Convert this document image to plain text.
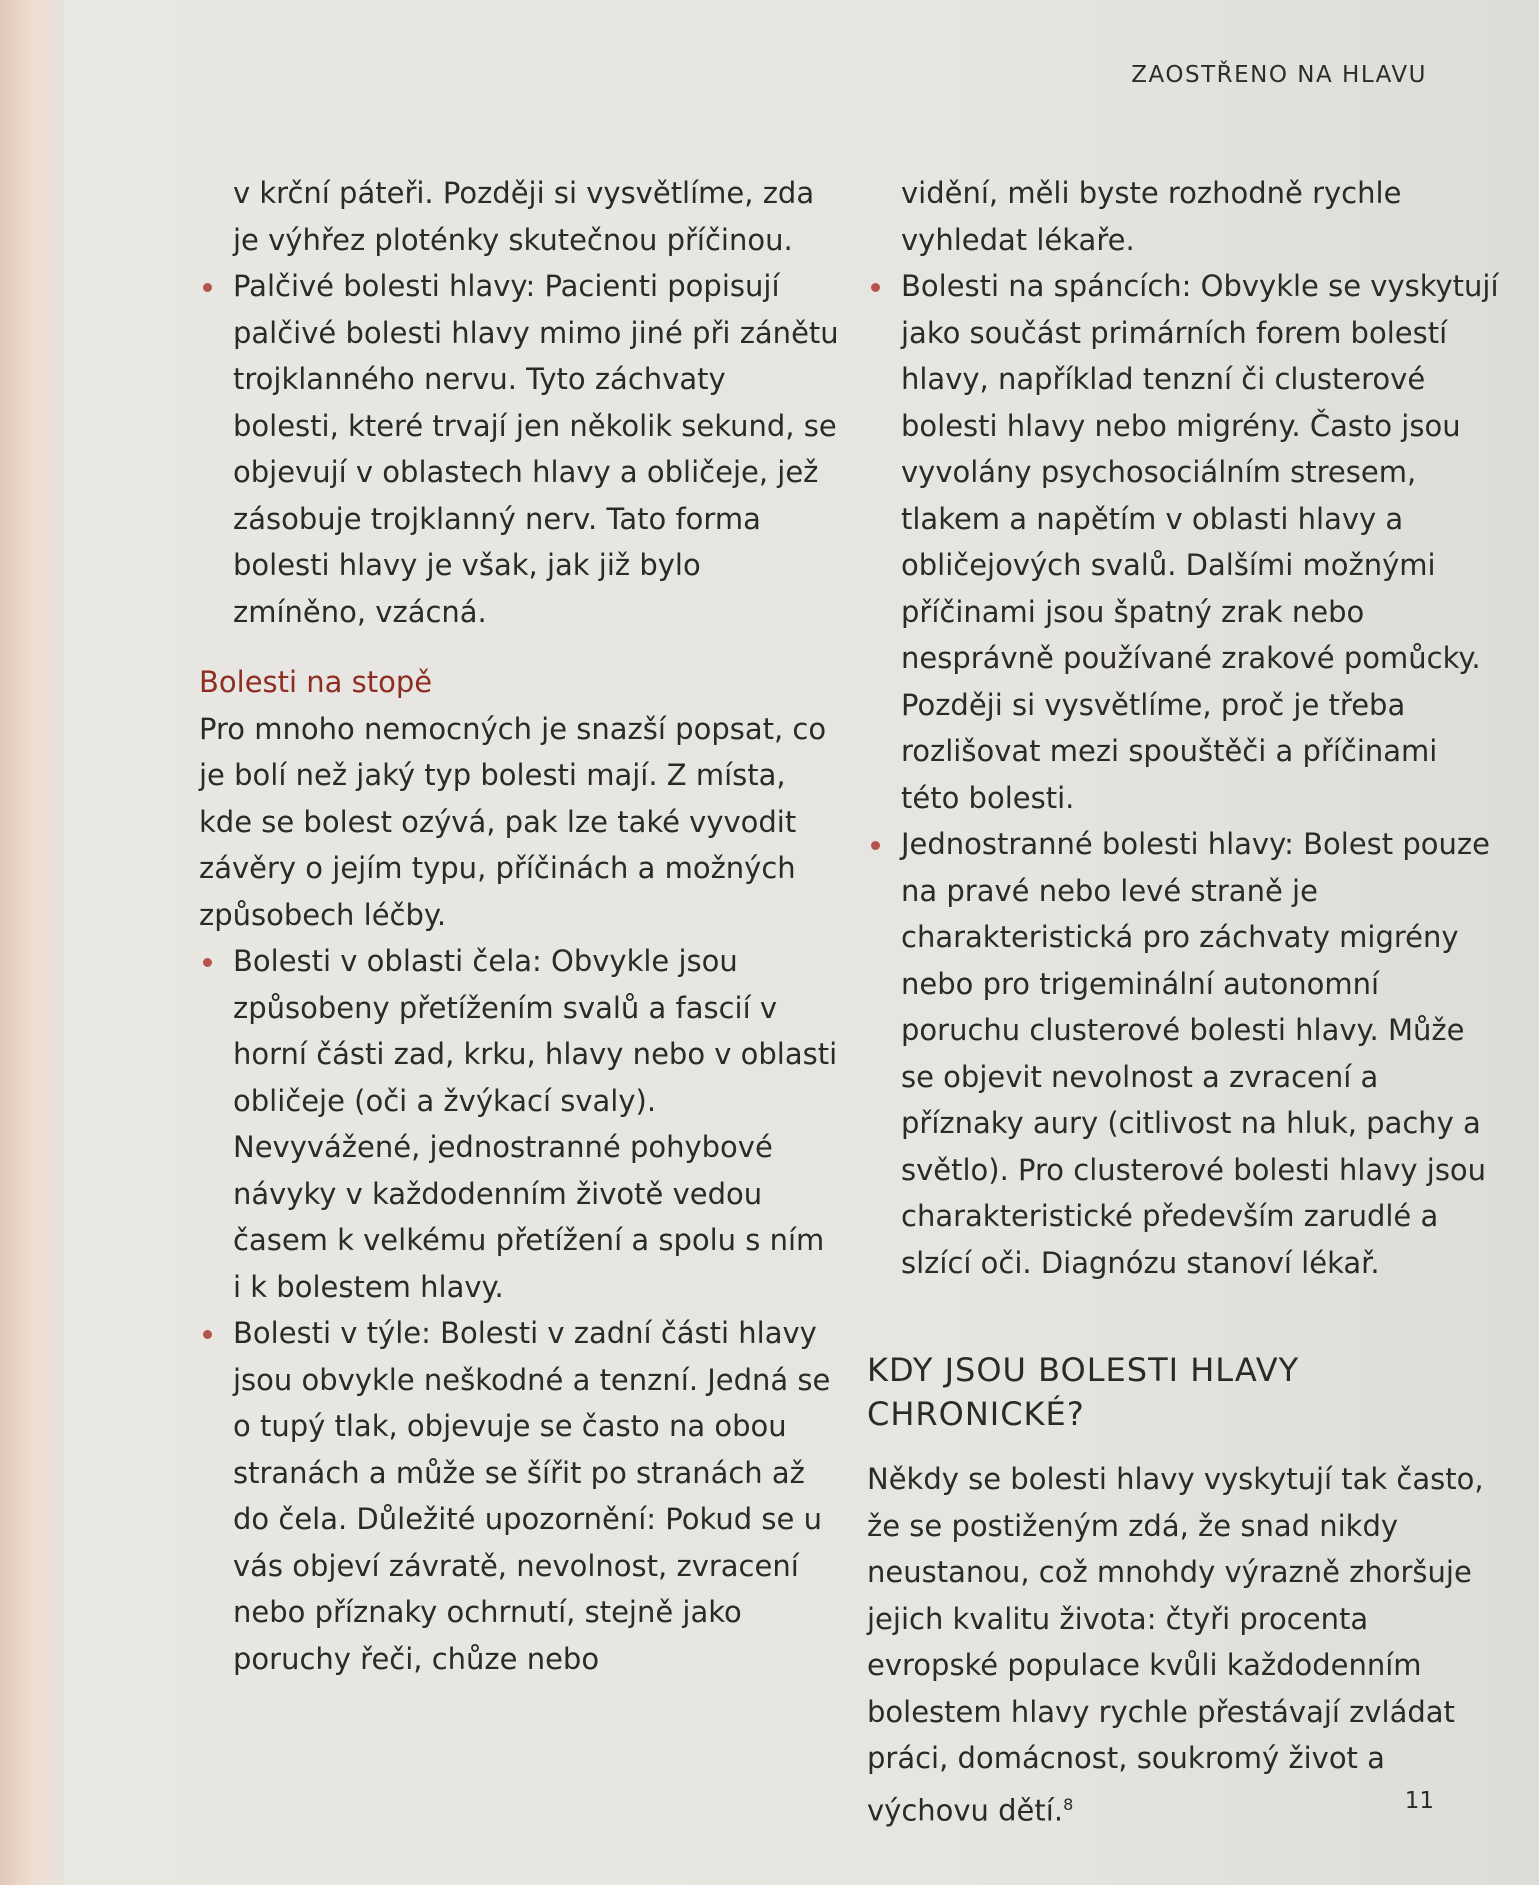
ZAOSTŘENO NA HLAVU

v krční páteři. Později si vysvětlíme, zda je výhřez ploténky skutečnou příčinou.

Palčivé bolesti hlavy: Pacienti popisují palčivé bolesti hlavy mimo jiné při zánětu trojklanného nervu. Tyto záchvaty bolesti, které trvají jen několik sekund, se objevují v oblastech hlavy a obličeje, jež zásobuje trojklanný nerv. Tato forma bolesti hlavy je však, jak již bylo zmíněno, vzácná.

Bolesti na stopě

Pro mnoho nemocných je snazší popsat, co je bolí než jaký typ bolesti mají. Z místa, kde se bolest ozývá, pak lze také vyvodit závěry o jejím typu, příčinách a možných způsobech léčby.

Bolesti v oblasti čela: Obvykle jsou způsobeny přetížením svalů a fascií v horní části zad, krku, hlavy nebo v oblasti obličeje (oči a žvýkací svaly). Nevyvážené, jednostranné pohybové návyky v každodenním životě vedou časem k velkému přetížení a spolu s ním i k bolestem hlavy.

Bolesti v týle: Bolesti v zadní části hlavy jsou obvykle neškodné a tenzní. Jedná se o tupý tlak, objevuje se často na obou stranách a může se šířit po stranách až do čela. Důležité upozornění: Pokud se u vás objeví závratě, nevolnost, zvracení nebo příznaky ochrnutí, stejně jako poruchy řeči, chůze nebo

vidění, měli byste rozhodně rychle vyhledat lékaře.

Bolesti na spáncích: Obvykle se vyskytují jako součást primárních forem bolestí hlavy, například tenzní či clusterové bolesti hlavy nebo migrény. Často jsou vyvolány psychosociálním stresem, tlakem a napětím v oblasti hlavy a obličejových svalů. Dalšími možnými příčinami jsou špatný zrak nebo nesprávně používané zrakové pomůcky. Později si vysvětlíme, proč je třeba rozlišovat mezi spouštěči a příčinami této bolesti.

Jednostranné bolesti hlavy: Bolest pouze na pravé nebo levé straně je charakteristická pro záchvaty migrény nebo pro trigeminální autonomní poruchu clusterové bolesti hlavy. Může se objevit nevolnost a zvracení a příznaky aury (citlivost na hluk, pachy a světlo). Pro clusterové bolesti hlavy jsou charakteristické především zarudlé a slzící oči. Diagnózu stanoví lékař.

KDY JSOU BOLESTI HLAVY CHRONICKÉ?

Někdy se bolesti hlavy vyskytují tak často, že se postiženým zdá, že snad nikdy neustanou, což mnohdy výrazně zhoršuje jejich kvalitu života: čtyři procenta evropské populace kvůli každodenním bolestem hlavy rychle přestávají zvládat práci, domácnost, soukromý život a výchovu dětí.$^8$	11
